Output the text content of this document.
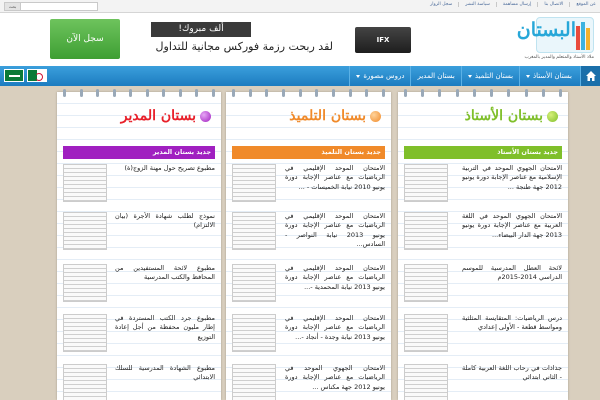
عن الموقع
الاتصال بنا
إرسال مساهمة
سياسة النشر
سجل الزوار
بحث
البستان
ملاذ الأستاذ والمتعلم والمدير بالمغرب
IFX
ألف مبروك!
لقد ربحت رزمة فوركس مجانية للتداول
سجل الآن
بستان الأستاذ
بستان التلميذ
بستان المدير
دروس مصورة
بستان الأستاذ
جديد بستان الأستاذ
الامتحان الجهوي الموحد في التربية الإسلامية مع عناصر الإجابة دورة يونيو 2012 جهة طنجة ...
الامتحان الجهوي الموحد في اللغة العربية مع عناصر الإجابة دورة يونيو 2013 جهة الدار البيضاء...
لائحة العطل المدرسية للموسم الدراسي 2014-2015م
درس الرياضيات: المتقايسة المثلثية ومواسط قطعة - الأولى إعدادي
جذاذات في رحاب اللغة العربية كاملة - الثاني ابتدائي
بستان التلميذ
جديد بستان التلميذ
الامتحان الموحد الإقليمي في الرياضيات مع عناصر الإجابة دورة يونيو 2010 نيابة الخميسات - ...
الامتحان الموحد الإقليمي في الرياضيات مع عناصر الإجابة دورة يونيو 2013 نيابة النواصر - السادس...
الامتحان الموحد الإقليمي في الرياضيات مع عناصر الإجابة دورة يونيو 2013 نيابة المحمدية -...
الامتحان الموحد الإقليمي في الرياضيات مع عناصر الإجابة دورة يونيو 2013 نيابة وجدة - أنجاد -...
الامتحان الجهوي الموحد في الرياضيات مع عناصر الإجابة دورة يونيو 2012 جهة مكناس ...
بستان المدير
جديد بستان المدير
مطبوع تصريح حول مهنة الزوج(ة)
نموذج لطلب شهادة الأجرة (بيان الالتزام)
مطبوع لائحة المستفيدين من المحافظ والكتب المدرسية
مطبوع جرد الكتب المستردة في إطار مليون محفظة من أجل إعادة التوزيع
مطبوع الشهادة المدرسية للسلك الابتدائي
